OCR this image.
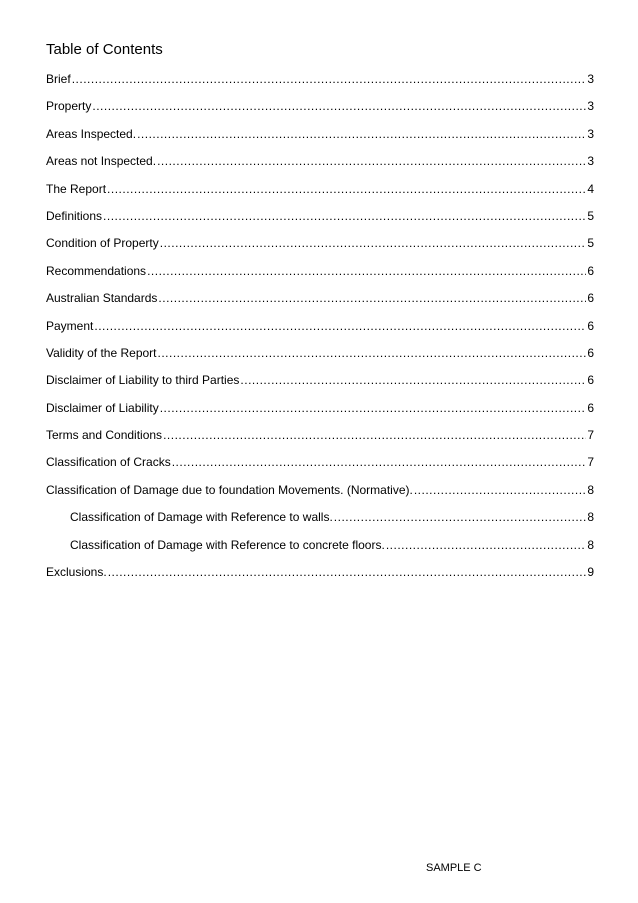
Table of Contents
Brief .....	3
Property .....	3
Areas Inspected. .....	3
Areas not Inspected. .....	3
The Report .....	4
Definitions .....	5
Condition of Property .....	5
Recommendations .....	6
Australian Standards .....	6
Payment .....	6
Validity of the Report .....	6
Disclaimer of Liability to third Parties .....	6
Disclaimer of Liability .....	6
Terms and Conditions .....	7
Classification of Cracks .....	7
Classification of Damage due to foundation Movements. (Normative). .....	8
Classification of Damage with Reference to walls. .....	8
Classification of Damage with Reference to concrete floors. .....	8
Exclusions. .....	9
SAMPLE C
